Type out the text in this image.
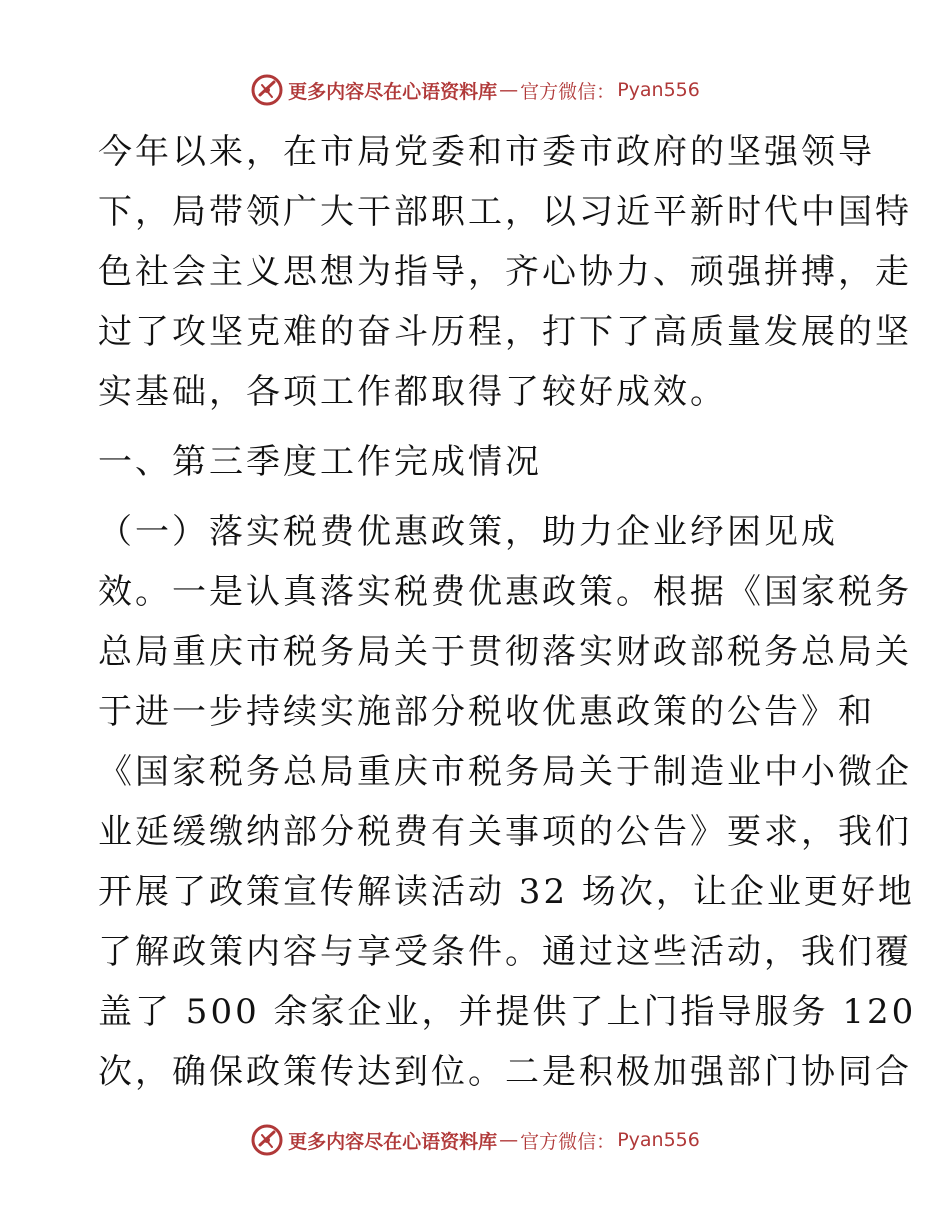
更多内容尽在心语资料库 — 官方微信： Pyan556
今年以来，在市局党委和市委市政府的坚强领导
下，局带领广大干部职工，以习近平新时代中国特
色社会主义思想为指导，齐心协力、顽强拼搏，走
过了攻坚克难的奋斗历程，打下了高质量发展的坚
实基础，各项工作都取得了较好成效。
一、第三季度工作完成情况
（一）落实税费优惠政策，助力企业纾困见成
效。一是认真落实税费优惠政策。根据《国家税务
总局重庆市税务局关于贯彻落实财政部税务总局关
于进一步持续实施部分税收优惠政策的公告》和
《国家税务总局重庆市税务局关于制造业中小微企
业延缓缴纳部分税费有关事项的公告》要求，我们
开展了政策宣传解读活动 32 场次，让企业更好地
了解政策内容与享受条件。通过这些活动，我们覆
盖了 500 余家企业，并提供了上门指导服务 120
次，确保政策传达到位。二是积极加强部门协同合
更多内容尽在心语资料库 — 官方微信： Pyan556
